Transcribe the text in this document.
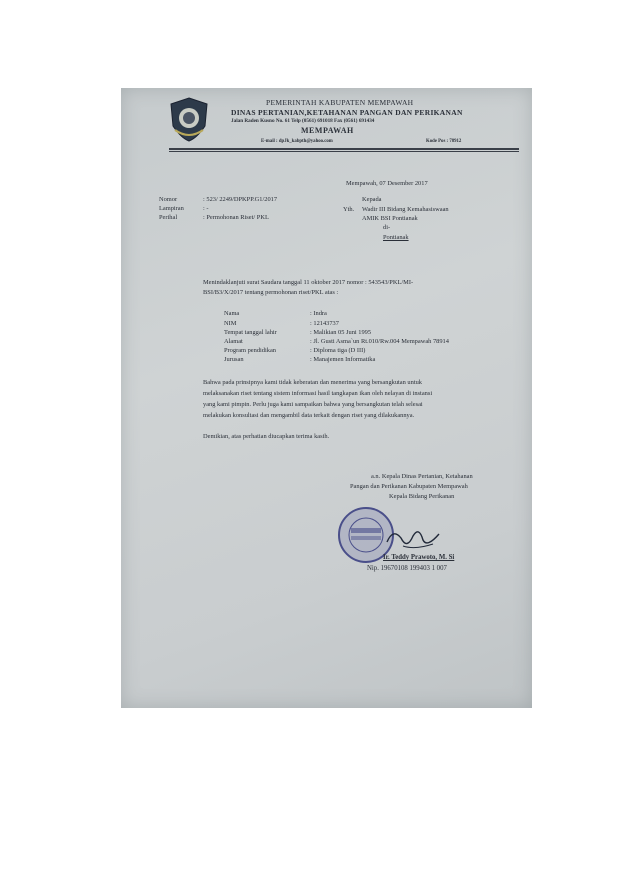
PEMERINTAH KABUPATEN MEMPAWAH
DINAS PERTANIAN,KETAHANAN PANGAN DAN PERIKANAN
Jalan Raden Kusno No. 61 Telp (0561) 691018 Fax (0561) 691434
MEMPAWAH
E-mail : dpJk_kabpth@yahoo.com	Kode Pos : 78912
Mempawah, 07 Desember 2017
Nomor	: 523/ 2249/DPKPP.G1/2017
Lampiran	: -
Perihal	: Permohonan Riset/ PKL
Kepada
Yth. Wadir III Bidang Kemahasiswaan
AMIK BSI Pontianak
di-
Pontianak
Menindaklanjuti surat Saudara tanggal 11 oktober 2017 nomor : 543543/PKL/MI-
BSI/B3/X/2017 tentang permohonan riset/PKL atas :
Nama	: Indra
NIM	: 12143737
Tempat tanggal lahir	: Malikian 05 Juni 1995
Alamat	: Jl. Gusti Asma`un Rt.010/Rw.004 Mempawah 78914
Program pendidikan	: Diploma tiga (D III)
Jurusan	: Manajemen Informatika
Bahwa pada prinsipnya kami tidak keberatan dan menerima yang bersangkutan untuk
melaksanakan riset tentang sistem informasi hasil tangkapan ikan oleh nelayan di instansi
yang kami pimpin. Perlu juga kami sampaikan bahwa yang bersangkutan telah selesai
melakukan konsultasi dan mengambil data terkait dengan riset yang dilakukannya.
Demikian, atas perhatian diucapkan terima kasih.
a.n. Kepala Dinas Pertanian, Ketahanan
Pangan dan Perikanan Kabupaten Mempawah
Kepala Bidang Perikanan
Ir. Teddy Prawoto, M. Si
Nip. 19670108 199403 1 007
